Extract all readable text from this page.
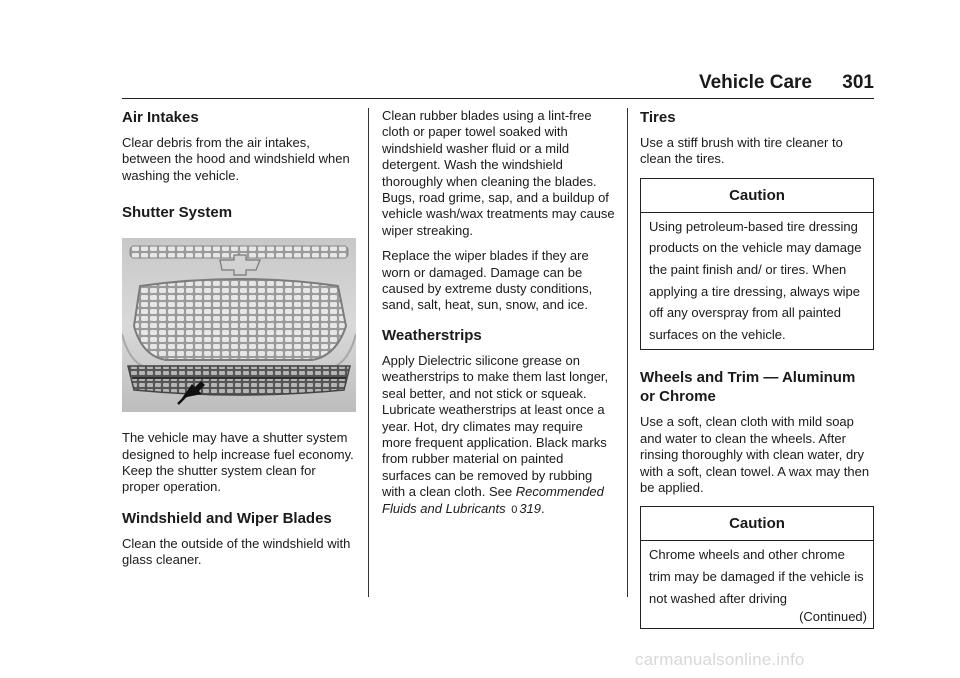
Vehicle Care 301
Air Intakes

Clear debris from the air intakes, between the hood and windshield when washing the vehicle.

Shutter System

The vehicle may have a shutter system designed to help increase fuel economy. Keep the shutter system clean for proper operation.

Windshield and Wiper Blades

Clean the outside of the windshield with glass cleaner.

Clean rubber blades using a lint-free cloth or paper towel soaked with windshield washer fluid or a mild detergent. Wash the windshield thoroughly when cleaning the blades. Bugs, road grime, sap, and a buildup of vehicle wash/wax treatments may cause wiper streaking.

Replace the wiper blades if they are worn or damaged. Damage can be caused by extreme dusty conditions, sand, salt, heat, sun, snow, and ice.

Weatherstrips

Apply Dielectric silicone grease on weatherstrips to make them last longer, seal better, and not stick or squeak. Lubricate weatherstrips at least once a year. Hot, dry climates may require more frequent application. Black marks from rubber material on painted surfaces can be removed by rubbing with a clean cloth. See Recommended Fluids and Lubricants 0 319.

Tires

Use a stiff brush with tire cleaner to clean the tires.

Caution
Using petroleum-based tire dressing products on the vehicle may damage the paint finish and/ or tires. When applying a tire dressing, always wipe off any overspray from all painted surfaces on the vehicle.
Wheels and Trim — Aluminum or Chrome

Use a soft, clean cloth with mild soap and water to clean the wheels. After rinsing thoroughly with clean water, dry with a soft, clean towel. A wax may then be applied.

Caution
Chrome wheels and other chrome trim may be damaged if the vehicle is not washed after driving
(Continued)
carmanualsonline.info
